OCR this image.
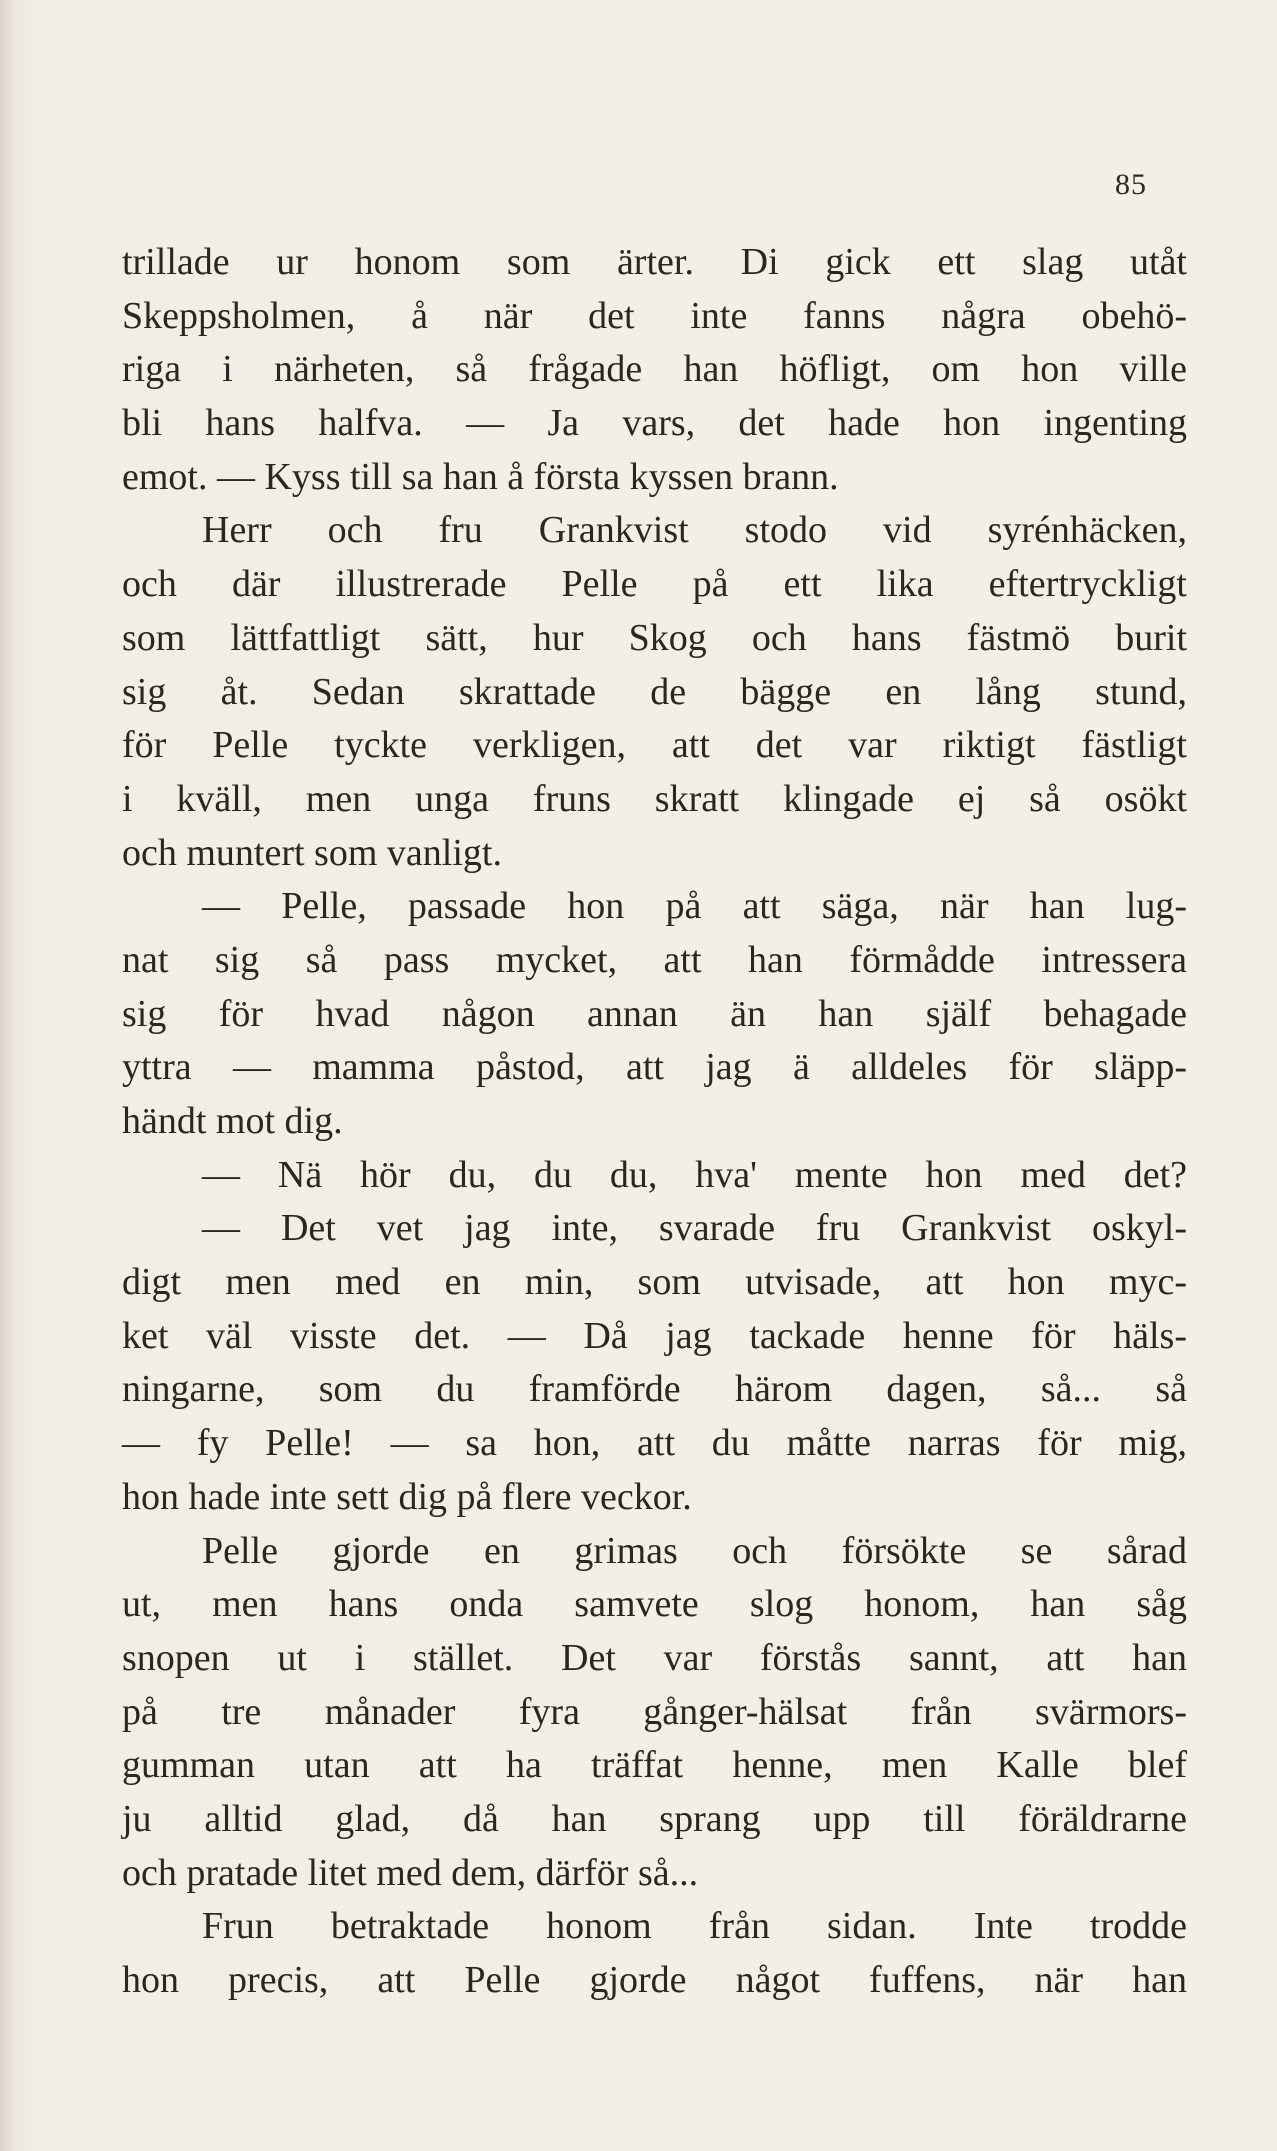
85
trillade ur honom som ärter. Di gick ett slag utåt
Skeppsholmen, å när det inte fanns några obehö-
riga i närheten, så frågade han höfligt, om hon ville
bli hans halfva. — Ja vars, det hade hon ingenting
emot. — Kyss till sa han å första kyssen brann.
Herr och fru Grankvist stodo vid syrénhäcken,
och där illustrerade Pelle på ett lika eftertryckligt
som lättfattligt sätt, hur Skog och hans fästmö burit
sig åt. Sedan skrattade de bägge en lång stund,
för Pelle tyckte verkligen, att det var riktigt fästligt
i kväll, men unga fruns skratt klingade ej så osökt
och muntert som vanligt.
— Pelle, passade hon på att säga, när han lug-
nat sig så pass mycket, att han förmådde intressera
sig för hvad någon annan än han själf behagade
yttra — mamma påstod, att jag ä alldeles för släpp-
händt mot dig.
— Nä hör du, du du, hva' mente hon med det?
— Det vet jag inte, svarade fru Grankvist oskyl-
digt men med en min, som utvisade, att hon myc-
ket väl visste det. — Då jag tackade henne för häls-
ningarne, som du framförde härom dagen, så... så
— fy Pelle! — sa hon, att du måtte narras för mig,
hon hade inte sett dig på flere veckor.
Pelle gjorde en grimas och försökte se sårad
ut, men hans onda samvete slog honom, han såg
snopen ut i stället. Det var förstås sannt, att han
på tre månader fyra gånger-hälsat från svärmors-
gumman utan att ha träffat henne, men Kalle blef
ju alltid glad, då han sprang upp till föräldrarne
och pratade litet med dem, därför så...
Frun betraktade honom från sidan. Inte trodde
hon precis, att Pelle gjorde något fuffens, när han
